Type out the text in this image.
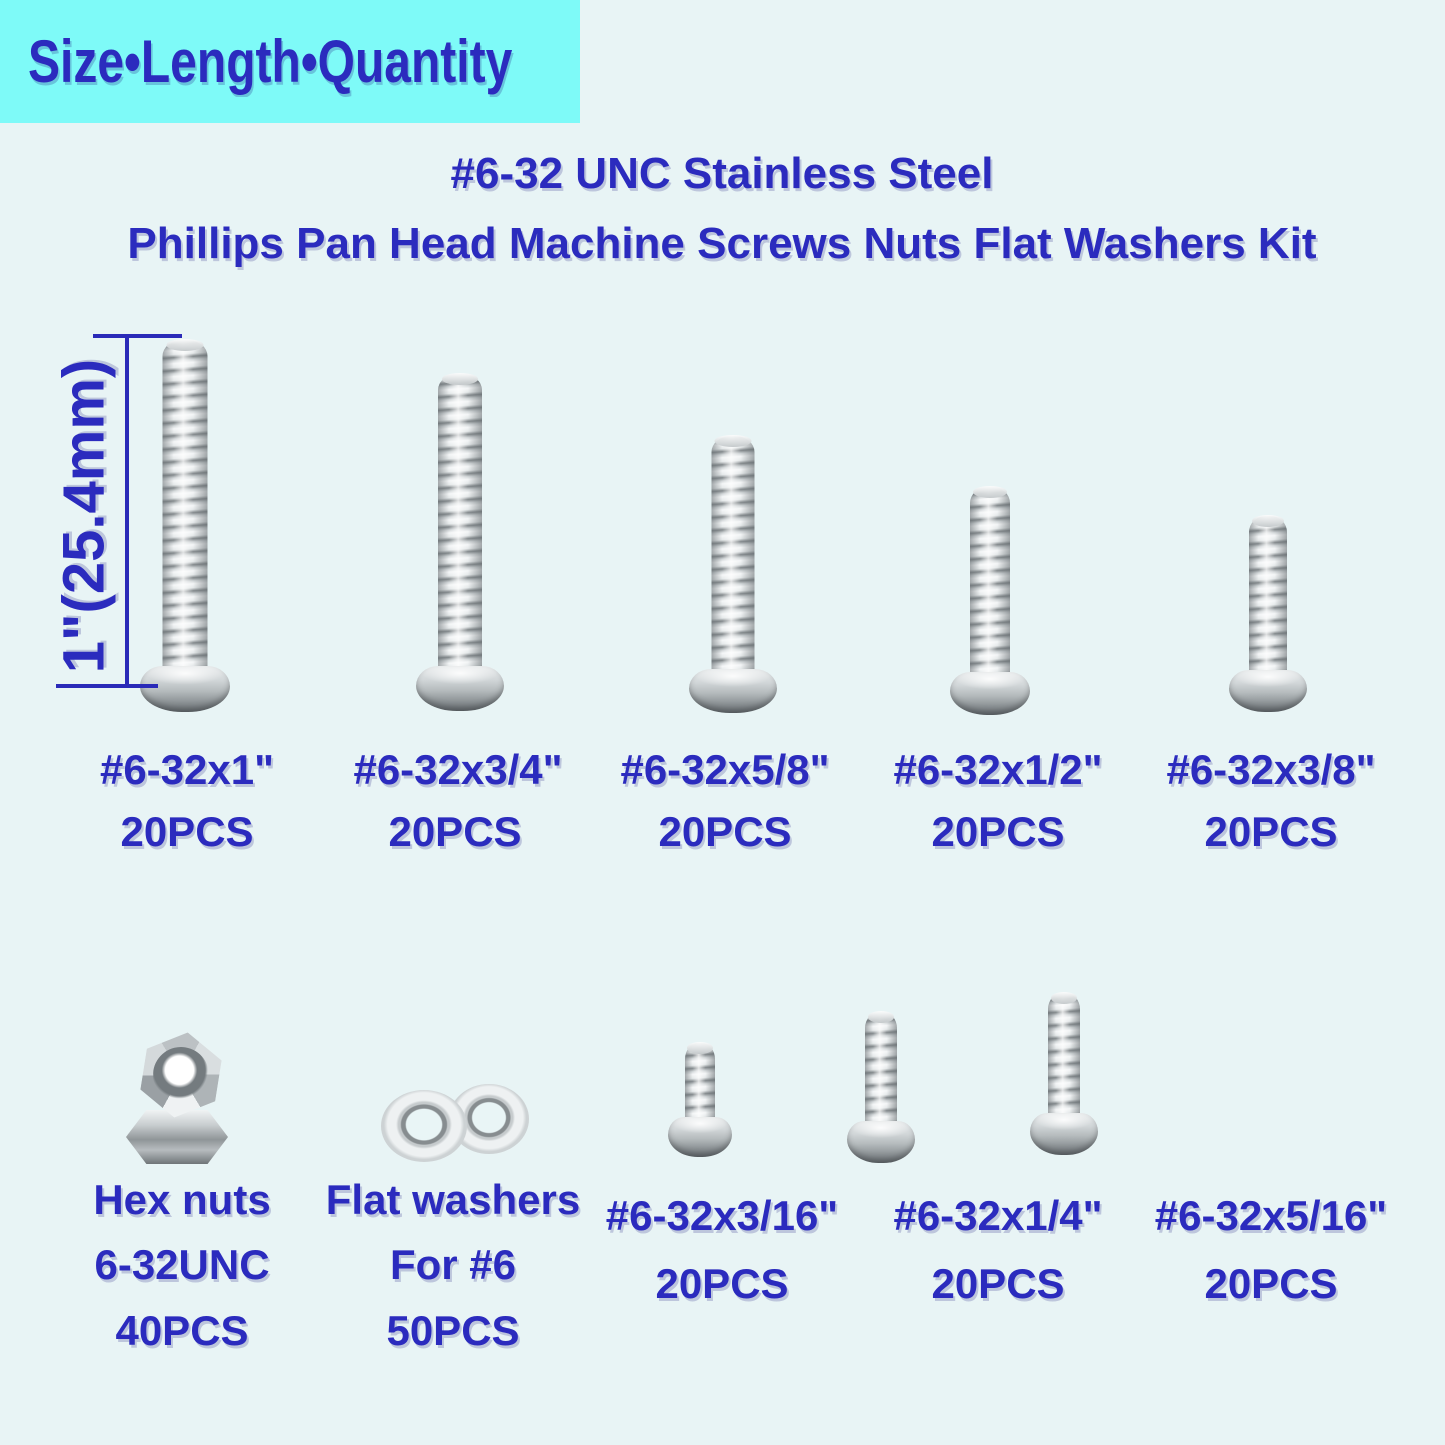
Size•Length•Quantity
#6-32 UNC Stainless Steel
Phillips Pan Head Machine Screws Nuts Flat Washers Kit
1"(25.4mm)
#6-32x1"
20PCS
#6-32x3/4"
20PCS
#6-32x5/8"
20PCS
#6-32x1/2"
20PCS
#6-32x3/8"
20PCS
Hex nuts
6-32UNC
40PCS
Flat washers
For #6
50PCS
#6-32x3/16"
20PCS
#6-32x1/4"
20PCS
#6-32x5/16"
20PCS
